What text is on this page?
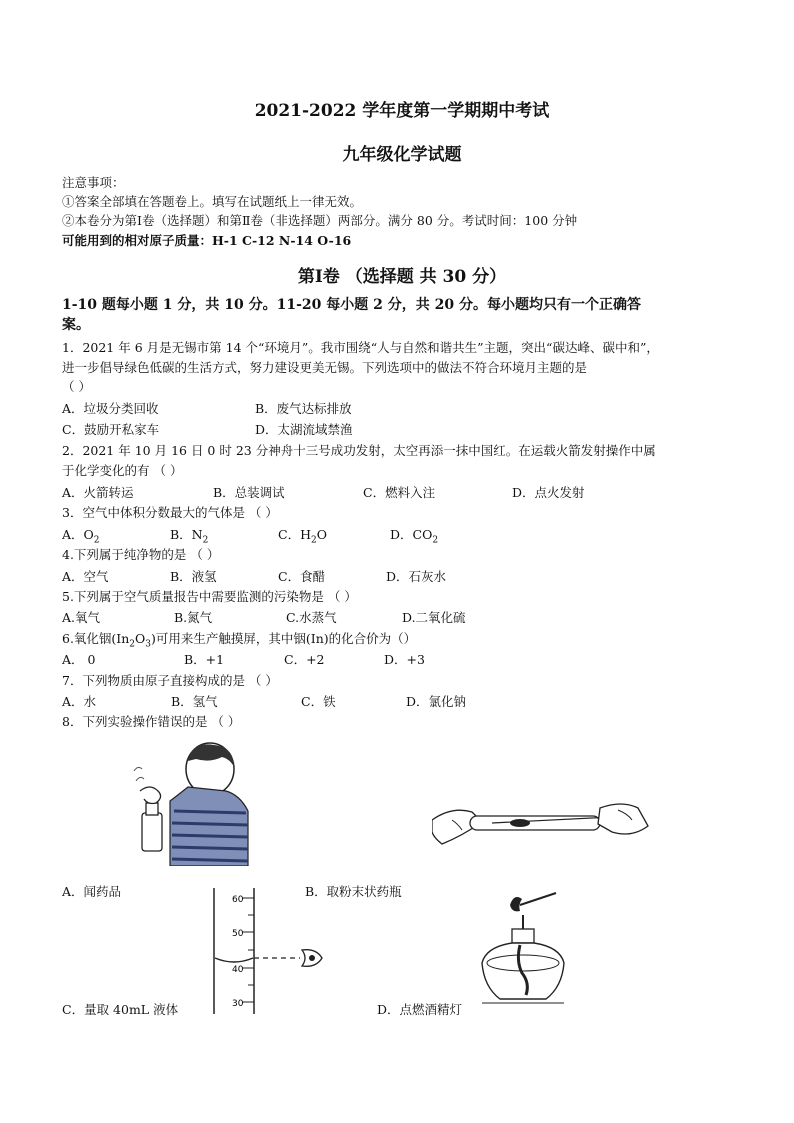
2021-2022 学年度第一学期期中考试
九年级化学试题
注意事项：
①答案全部填在答题卷上。填写在试题纸上一律无效。
②本卷分为第Ⅰ卷（选择题）和第Ⅱ卷（非选择题）两部分。满分 80 分。考试时间：100 分钟
可能用到的相对原子质量：H-1 C-12 N-14 O-16
第Ⅰ卷 （选择题 共 30 分）
1-10 题每小题 1 分，共 10 分。11-20 每小题 2 分，共 20 分。每小题均只有一个正确答
案。
1．2021 年 6 月是无锡市第 14 个“环境月”。我市围绕“人与自然和谐共生”主题，突出“碳达峰、碳中和”，
进一步倡导绿色低碳的生活方式，努力建设更美无锡。下列选项中的做法不符合环境月主题的是
（ ）
A．垃圾分类回收	B．废气达标排放
C．鼓励开私家车	D．太湖流域禁渔
2．2021 年 10 月 16 日 0 时 23 分神舟十三号成功发射，太空再添一抹中国红。在运载火箭发射操作中属
于化学变化的有 （ ）
A．火箭转运	B．总装调试	C．燃料入注	D．点火发射
3．空气中体积分数最大的气体是 （ ）
A．$O_2$	B．$N_2$	C．$H_2O$	D．$CO_2$
4.下列属于纯净物的是 （ ）
A．空气	B．液氢	C．食醋	D．石灰水
5.下列属于空气质量报告中需要监测的污染物是 （ ）
A.氧气	B.氮气	C.水蒸气	D.二氧化硫
6.氧化铟$(In_2O_3)$可用来生产触摸屏，其中铟(In)的化合价为（）
A． 0	B．+1	C．+2	D．+3
7．下列物质由原子直接构成的是 （ ）
A．水	B．氢气	C．铁	D．氯化钠
8．下列实验操作错误的是 （ ）
A．闻药品	B．取粉末状药瓶
60
50
40
30
C．量取 40mL 液体	D．点燃酒精灯
